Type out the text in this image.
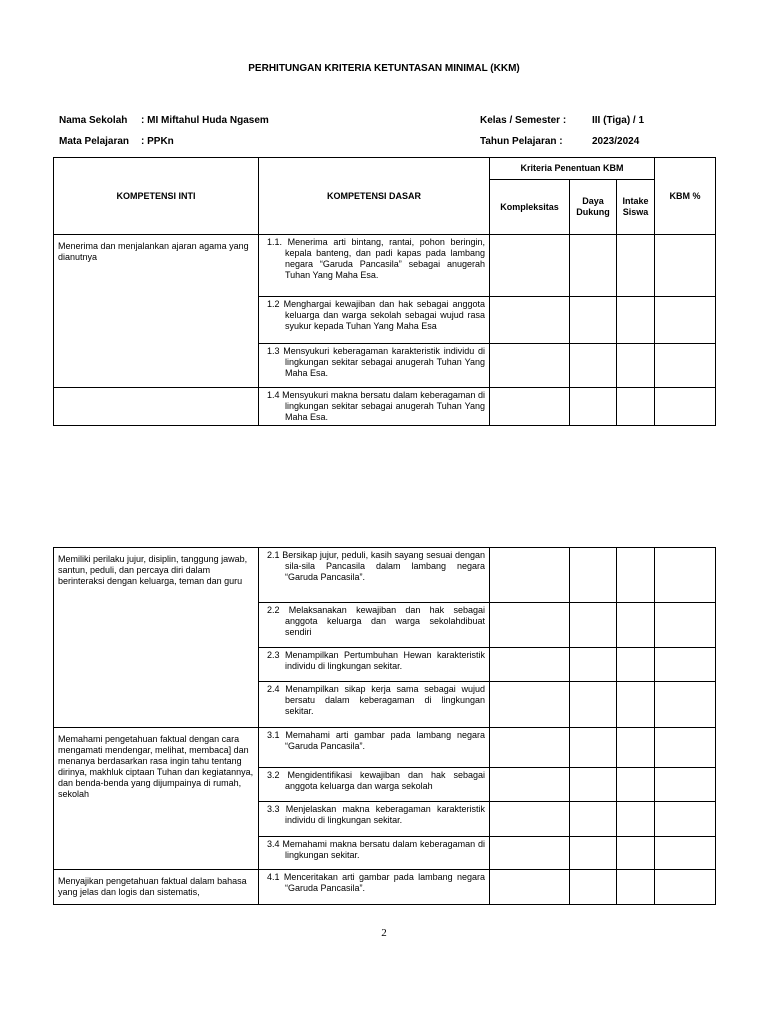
PERHITUNGAN KRITERIA KETUNTASAN MINIMAL (KKM)
Nama Sekolah : MI Miftahul Huda Ngasem	Kelas / Semester :	III (Tiga) / 1
Mata Pelajaran : PPKn	Tahun Pelajaran :	2023/2024
KOMPETENSI INTI	KOMPETENSI DASAR	Kriteria Penentuan KBM			KBM %
		Kompleksitas	Daya Dukung	Intake Siswa	
Menerima dan menjalankan ajaran agama yang dianutnya	1.1. Menerima arti bintang, rantai, pohon beringin, kepala banteng, dan padi kapas pada lambang negara “Garuda Pancasila” sebagai anugerah Tuhan Yang Maha Esa.				

	1.2 Menghargai kewajiban dan hak sebagai anggota keluarga dan warga sekolah sebagai wujud rasa syukur kepada Tuhan Yang Maha Esa				

	1.3 Mensyukuri keberagaman karakteristik individu di lingkungan sekitar sebagai anugerah Tuhan Yang Maha Esa.				

	1.4 Mensyukuri makna bersatu dalam keberagaman di lingkungan sekitar sebagai anugerah Tuhan Yang Maha Esa.				

Memiliki perilaku jujur, disiplin, tanggung jawab, santun, peduli, dan percaya diri dalam berinteraksi dengan keluarga, teman dan guru	2.1 Bersikap jujur, peduli, kasih sayang sesuai dengan sila-sila Pancasila dalam lambang negara “Garuda Pancasila”.				

	2.2 Melaksanakan kewajiban dan hak sebagai anggota keluarga dan warga sekolahdibuat sendiri				

	2.3 Menampilkan Pertumbuhan Hewan karakteristik individu di lingkungan sekitar.				

	2.4 Menampilkan sikap kerja sama sebagai wujud bersatu dalam keberagaman di lingkungan sekitar.				

Memahami pengetahuan faktual dengan cara mengamati mendengar, melihat, membaca] dan menanya berdasarkan rasa ingin tahu tentang dirinya, makhluk ciptaan Tuhan dan kegiatannya, dan benda-benda yang dijumpainya di rumah, sekolah	3.1 Memahami arti gambar pada lambang negara “Garuda Pancasila”.				

	3.2 Mengidentifikasi kewajiban dan hak sebagai anggota keluarga dan warga sekolah				

	3.3 Menjelaskan makna keberagaman karakteristik individu di lingkungan sekitar.				

	3.4 Memahami makna bersatu dalam keberagaman di lingkungan sekitar.				

Menyajikan pengetahuan faktual dalam bahasa yang jelas dan logis dan sistematis,	4.1 Menceritakan arti gambar pada lambang negara “Garuda Pancasila”.				

2
